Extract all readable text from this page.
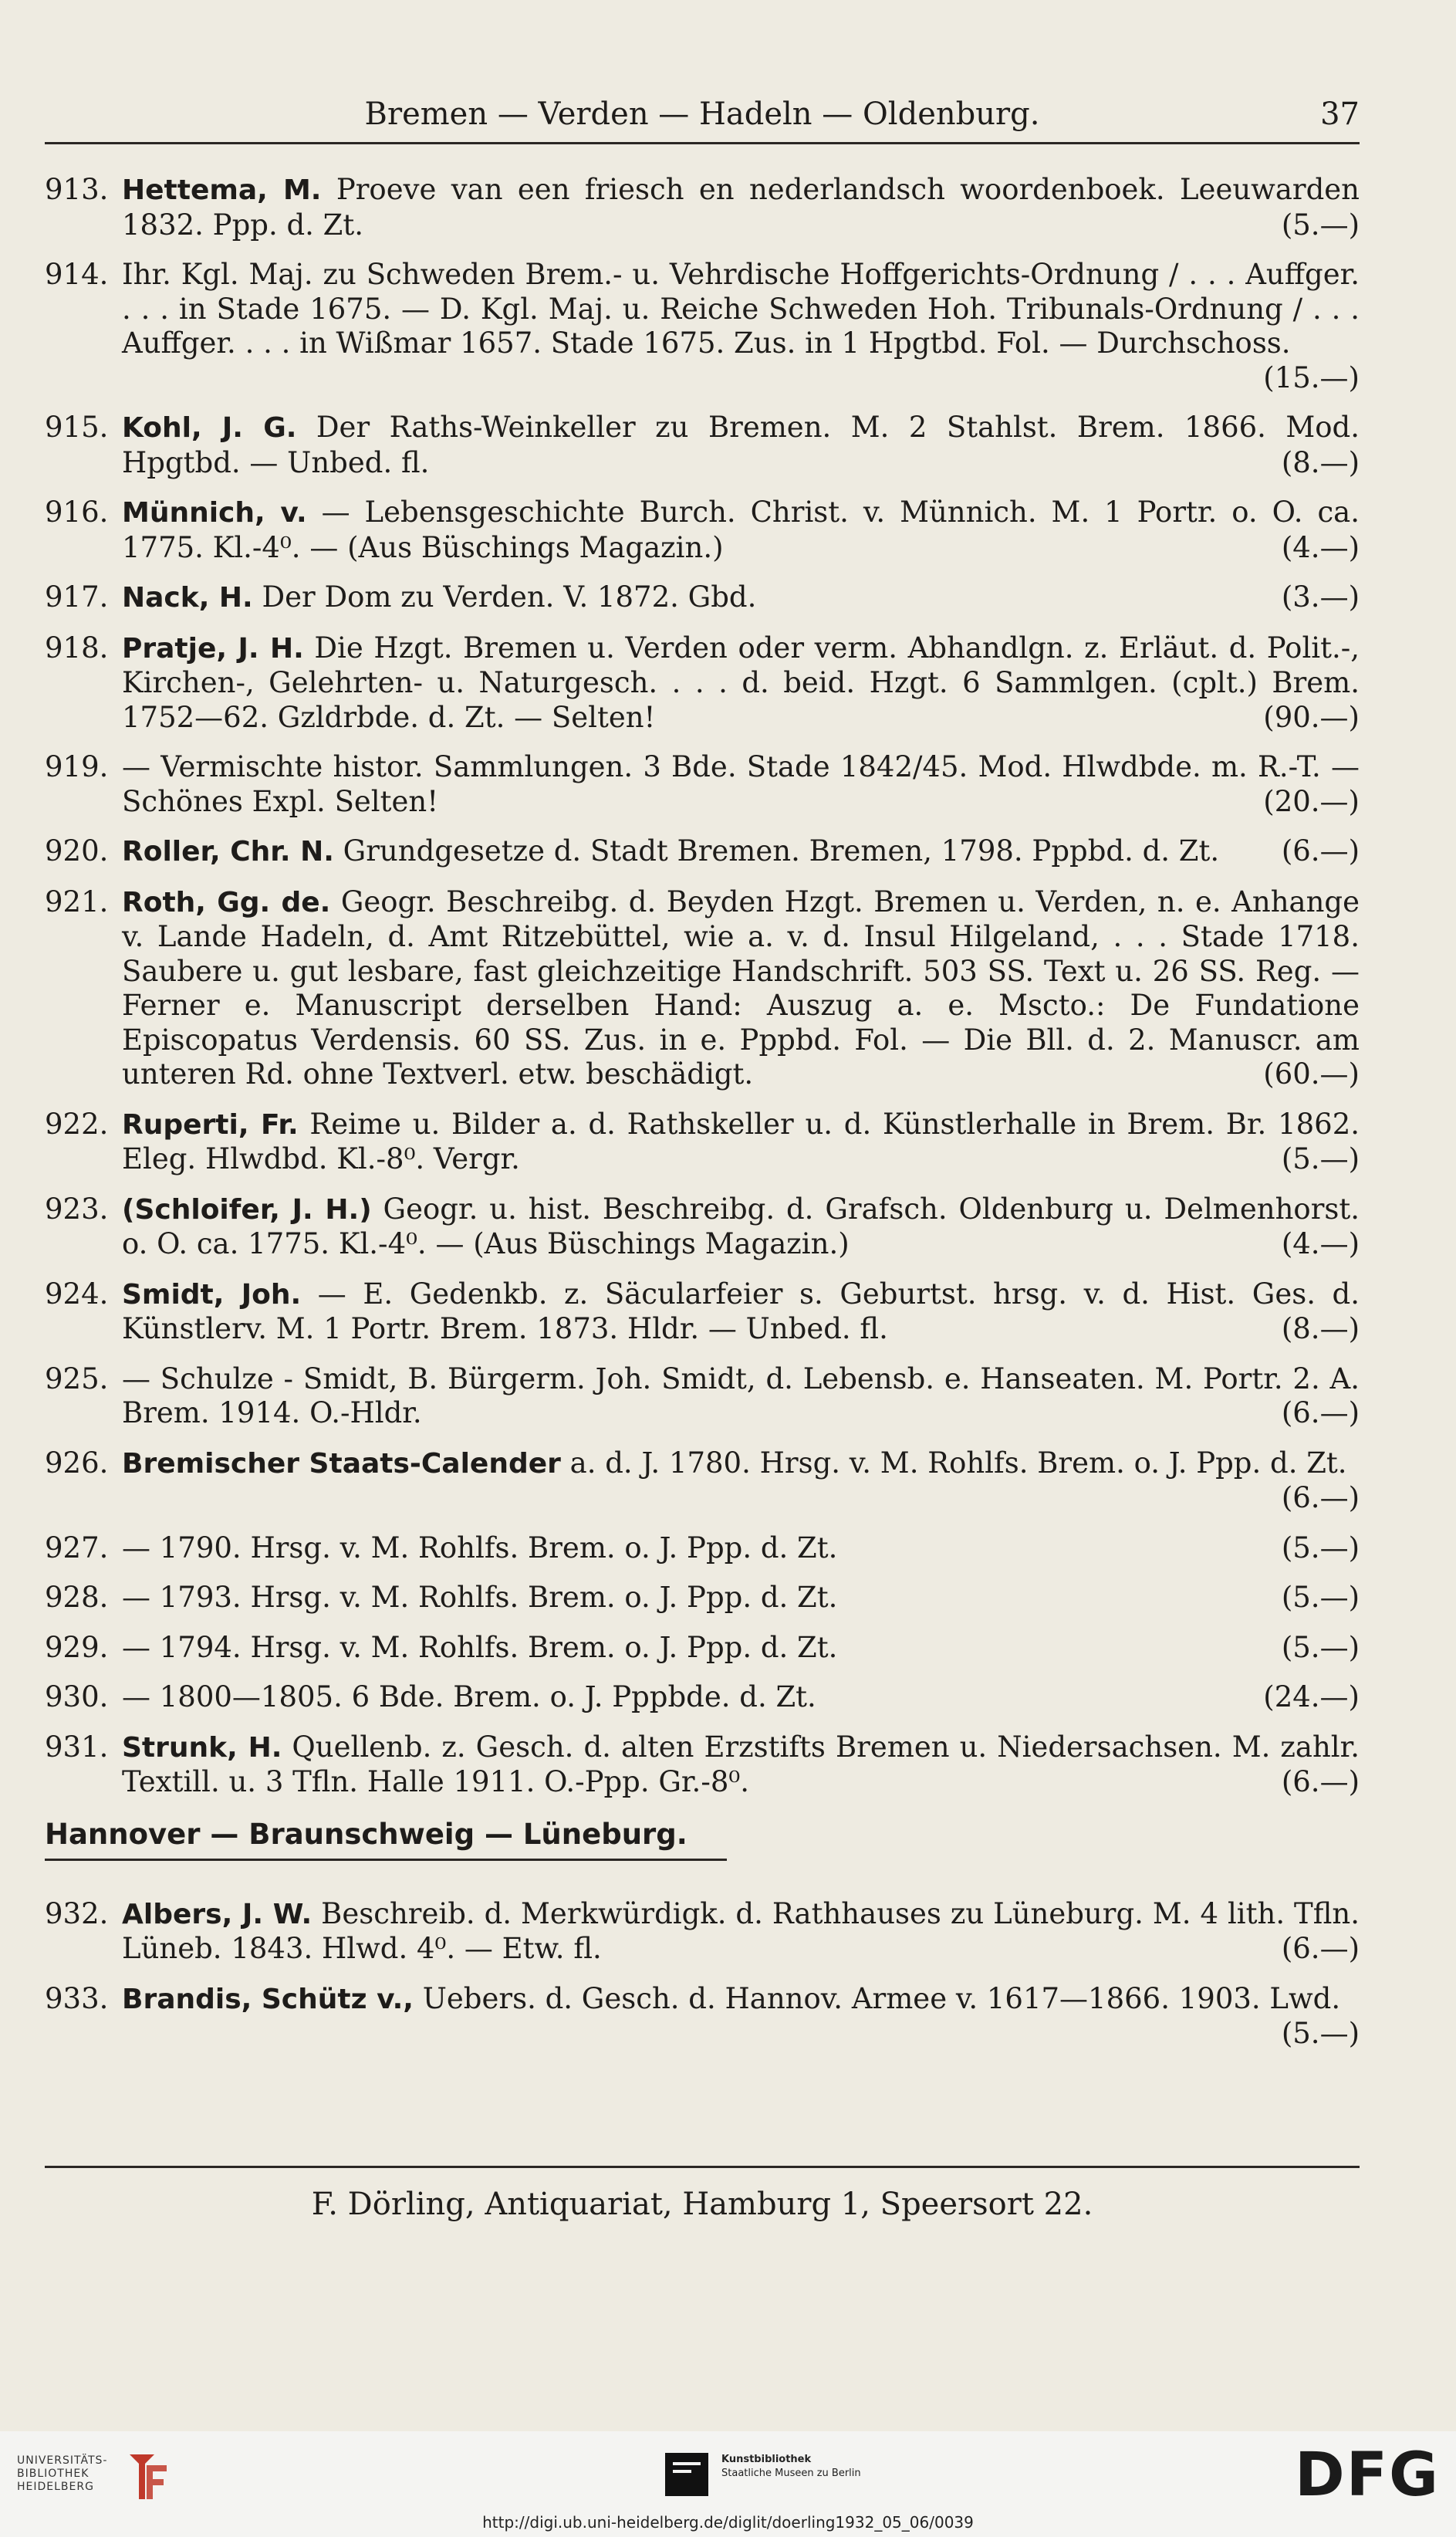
Bremen — Verden — Hadeln — Oldenburg.	37
913. Hettema, M. Proeve van een friesch en nederlandsch woordenboek. Leeuwarden 1832. Ppp. d. Zt.	(5.—)
914. Ihr. Kgl. Maj. zu Schweden Brem.- u. Vehrdische Hoffgerichts-Ordnung / . . . Auffger. . . . in Stade 1675. — D. Kgl. Maj. u. Reiche Schweden Hoh. Tribunals-Ordnung / . . . Auffger. . . . in Wißmar 1657. Stade 1675. Zus. in 1 Hpgtbd. Fol. — Durchschoss.
(15.—)
915. Kohl, J. G. Der Raths-Weinkeller zu Bremen. M. 2 Stahlst. Brem. 1866. Mod. Hpgtbd. — Unbed. fl.	(8.—)
916. Münnich, v. — Lebensgeschichte Burch. Christ. v. Münnich. M. 1 Portr. o. O. ca. 1775. Kl.-4⁰. — (Aus Büschings Magazin.)	(4.—)
917. Nack, H. Der Dom zu Verden. V. 1872. Gbd.	(3.—)
918. Pratje, J. H. Die Hzgt. Bremen u. Verden oder verm. Abhandlgn. z. Erläut. d. Polit.-, Kirchen-, Gelehrten- u. Naturgesch. . . . d. beid. Hzgt. 6 Sammlgen. (cplt.) Brem. 1752—62. Gzldrbde. d. Zt. — Selten!	(90.—)
919. — Vermischte histor. Sammlungen. 3 Bde. Stade 1842/45. Mod. Hlwdbde. m. R.-T. — Schönes Expl. Selten!	(20.—)
920. Roller, Chr. N. Grundgesetze d. Stadt Bremen. Bremen, 1798. Pppbd. d. Zt. (6.—)
921. Roth, Gg. de. Geogr. Beschreibg. d. Beyden Hzgt. Bremen u. Verden, n. e. Anhange v. Lande Hadeln, d. Amt Ritzebüttel, wie a. v. d. Insul Hilgeland, . . . Stade 1718. Saubere u. gut lesbare, fast gleichzeitige Handschrift. 503 SS. Text u. 26 SS. Reg. — Ferner e. Manuscript derselben Hand: Auszug a. e. Mscto.: De Fundatione Episcopatus Verdensis. 60 SS. Zus. in e. Pppbd. Fol. — Die Bll. d. 2. Manuscr. am unteren Rd. ohne Textverl. etw. beschädigt.	(60.—)
922. Ruperti, Fr. Reime u. Bilder a. d. Rathskeller u. d. Künstlerhalle in Brem. Br. 1862. Eleg. Hlwdbd. Kl.-8⁰. Vergr.	(5.—)
923. (Schloifer, J. H.) Geogr. u. hist. Beschreibg. d. Grafsch. Oldenburg u. Delmenhorst. o. O. ca. 1775. Kl.-4⁰. — (Aus Büschings Magazin.)	(4.—)
924. Smidt, Joh. — E. Gedenkb. z. Säcularfeier s. Geburtst. hrsg. v. d. Hist. Ges. d. Künstlerv. M. 1 Portr. Brem. 1873. Hldr. — Unbed. fl.	(8.—)
925. — Schulze - Smidt, B. Bürgerm. Joh. Smidt, d. Lebensb. e. Hanseaten. M. Portr. 2. A. Brem. 1914. O.-Hldr.	(6.—)
926. Bremischer Staats-Calender a. d. J. 1780. Hrsg. v. M. Rohlfs. Brem. o. J. Ppp. d. Zt.
(6.—)
927. — 1790. Hrsg. v. M. Rohlfs. Brem. o. J. Ppp. d. Zt.	(5.—)
928. — 1793. Hrsg. v. M. Rohlfs. Brem. o. J. Ppp. d. Zt.	(5.—)
929. — 1794. Hrsg. v. M. Rohlfs. Brem. o. J. Ppp. d. Zt.	(5.—)
930. — 1800—1805. 6 Bde. Brem. o. J. Pppbde. d. Zt.	(24.—)
931. Strunk, H. Quellenb. z. Gesch. d. alten Erzstifts Bremen u. Niedersachsen. M. zahlr. Textill. u. 3 Tfln. Halle 1911. O.-Ppp. Gr.-8⁰.	(6.—)
Hannover — Braunschweig — Lüneburg.
932. Albers, J. W. Beschreib. d. Merkwürdigk. d. Rathhauses zu Lüneburg. M. 4 lith. Tfln. Lüneb. 1843. Hlwd. 4⁰. — Etw. fl.	(6.—)
933. Brandis, Schütz v., Uebers. d. Gesch. d. Hannov. Armee v. 1617—1866. 1903. Lwd.
(5.—)
F. Dörling, Antiquariat, Hamburg 1, Speersort 22.
UNIVERSITÄTS-
BIBLIOTHEK
HEIDELBERG
Kunstbibliothek
Staatliche Museen zu Berlin	DFG
http://digi.ub.uni-heidelberg.de/diglit/doerling1932_05_06/0039
